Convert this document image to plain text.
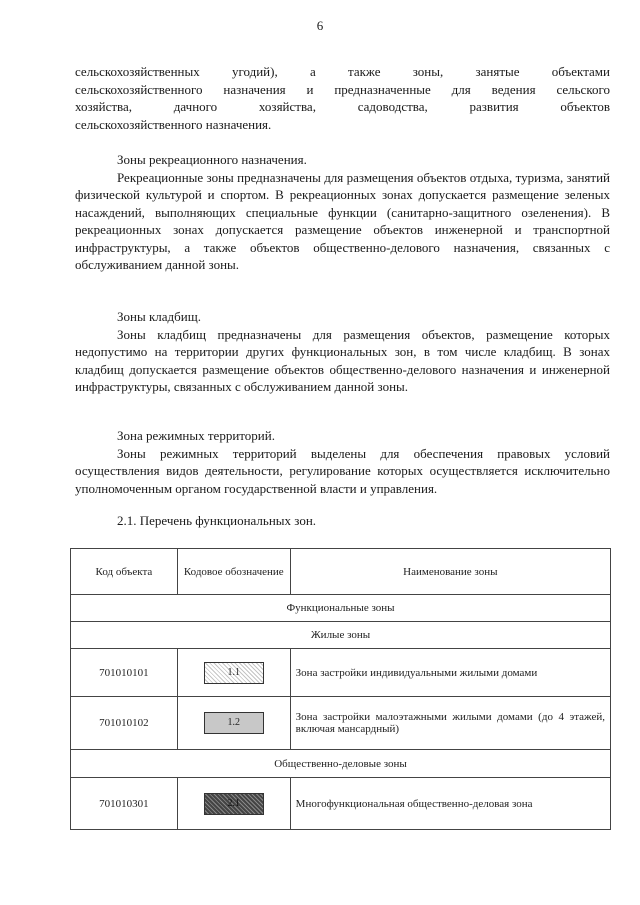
6

сельскохозяйственных угодий), а также зоны, занятые объектами

сельскохозяйственного назначения и предназначенные для ведения сельского

хозяйства, дачного хозяйства, садоводства, развития объектов

сельскохозяйственного назначения.

Зоны рекреационного назначения.

Рекреационные зоны предназначены для размещения объектов отдыха, туризма, занятий физической культурой и спортом. В рекреационных зонах допускается размещение зеленых насаждений, выполняющих специальные функции (санитарно-защитного озеленения). В рекреационных зонах допускается размещение объектов инженерной и транспортной инфраструктуры, а также объектов общественно-делового назначения, связанных с обслуживанием данной зоны.

Зоны кладбищ.

Зоны кладбищ предназначены для размещения объектов, размещение которых недопустимо на территории других функциональных зон, в том числе кладбищ. В зонах кладбищ допускается размещение объектов общественно-делового назначения и инженерной инфраструктуры, связанных с обслуживанием данной зоны.

Зона режимных территорий.

Зоны режимных территорий выделены для обеспечения правовых условий осуществления видов деятельности, регулирование которых осуществляется исключительно уполномоченным органом государственной власти и управления.

2.1. Перечень функциональных зон.

Код объекта	Кодовое обозначение	Наименование зоны
Функциональные зоны		
Жилые зоны		
701010101	1.1	Зона застройки индивидуальными жилыми домами
701010102	1.2	Зона застройки малоэтажными жилыми домами (до 4 этажей, включая мансардный)
Общественно-деловые зоны		
701010301	2.1	Многофункциональная общественно-деловая зона
